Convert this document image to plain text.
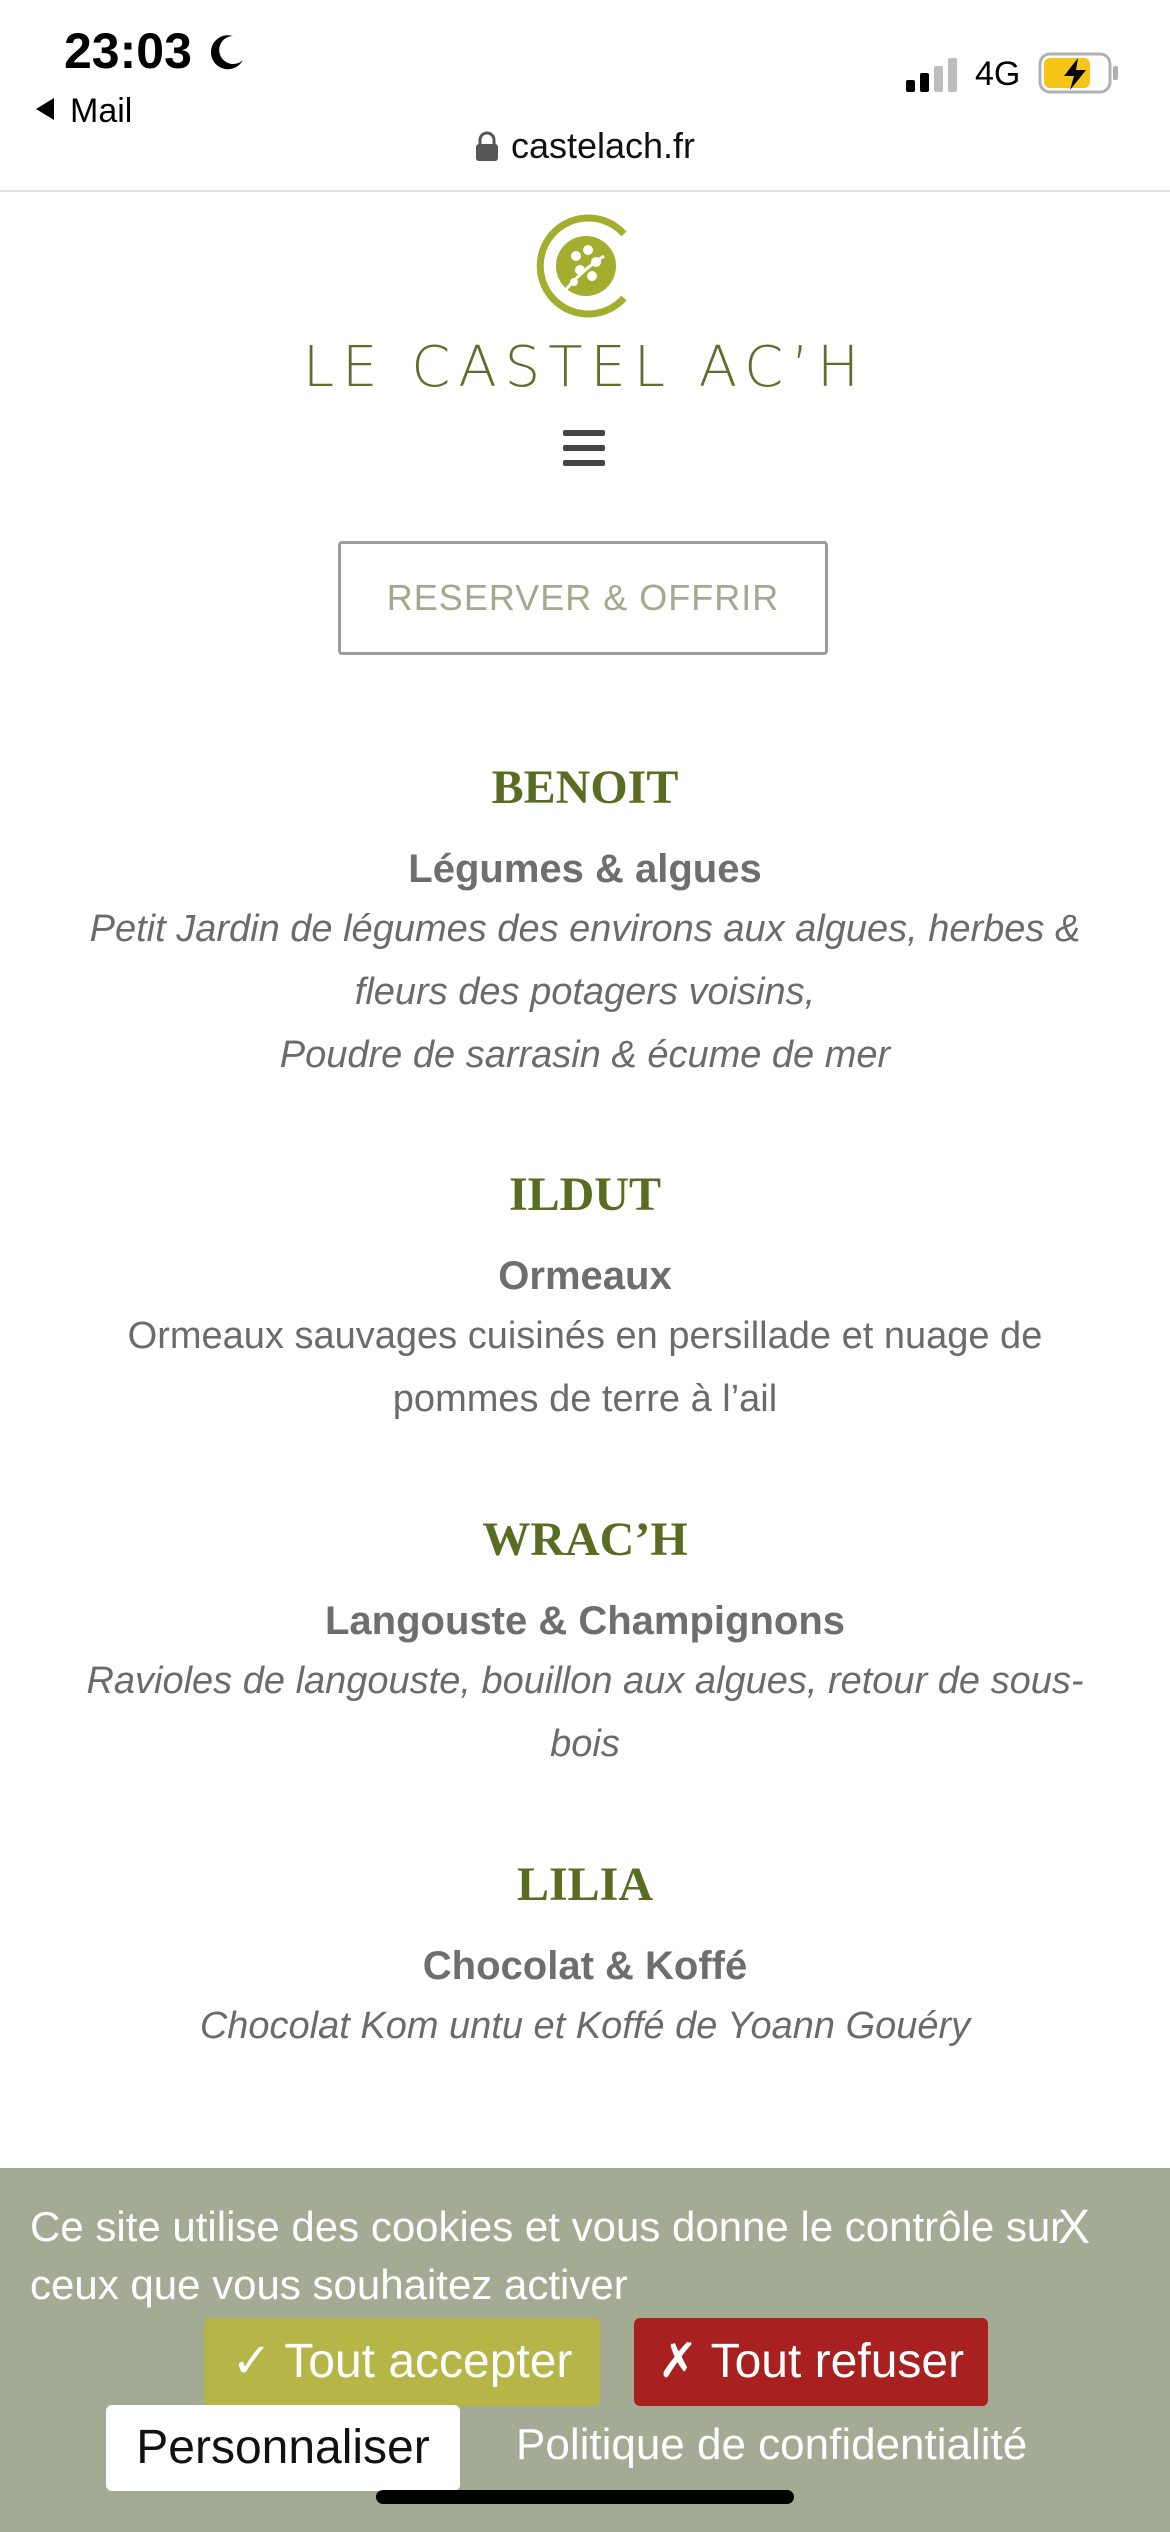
23:03
Mail
4G
castelach.fr
LE CASTEL AC’H
RESERVER & OFFRIR
BENOIT
Légumes & algues
Petit Jardin de légumes des environs aux algues, herbes &
fleurs des potagers voisins,
Poudre de sarrasin & écume de mer
ILDUT
Ormeaux
Ormeaux sauvages cuisinés en persillade et nuage de
pommes de terre à l’ail
WRAC’H
Langouste & Champignons
Ravioles de langouste, bouillon aux algues, retour de sous-
bois
LILIA
Chocolat & Koffé
Chocolat Kom untu et Koffé de Yoann Gouéry
Ce site utilise des cookies et vous donne le contrôle sur ceux que vous souhaitez activer
X
✓ Tout accepter	✗ Tout refuser
Personnaliser	Politique de confidentialité
